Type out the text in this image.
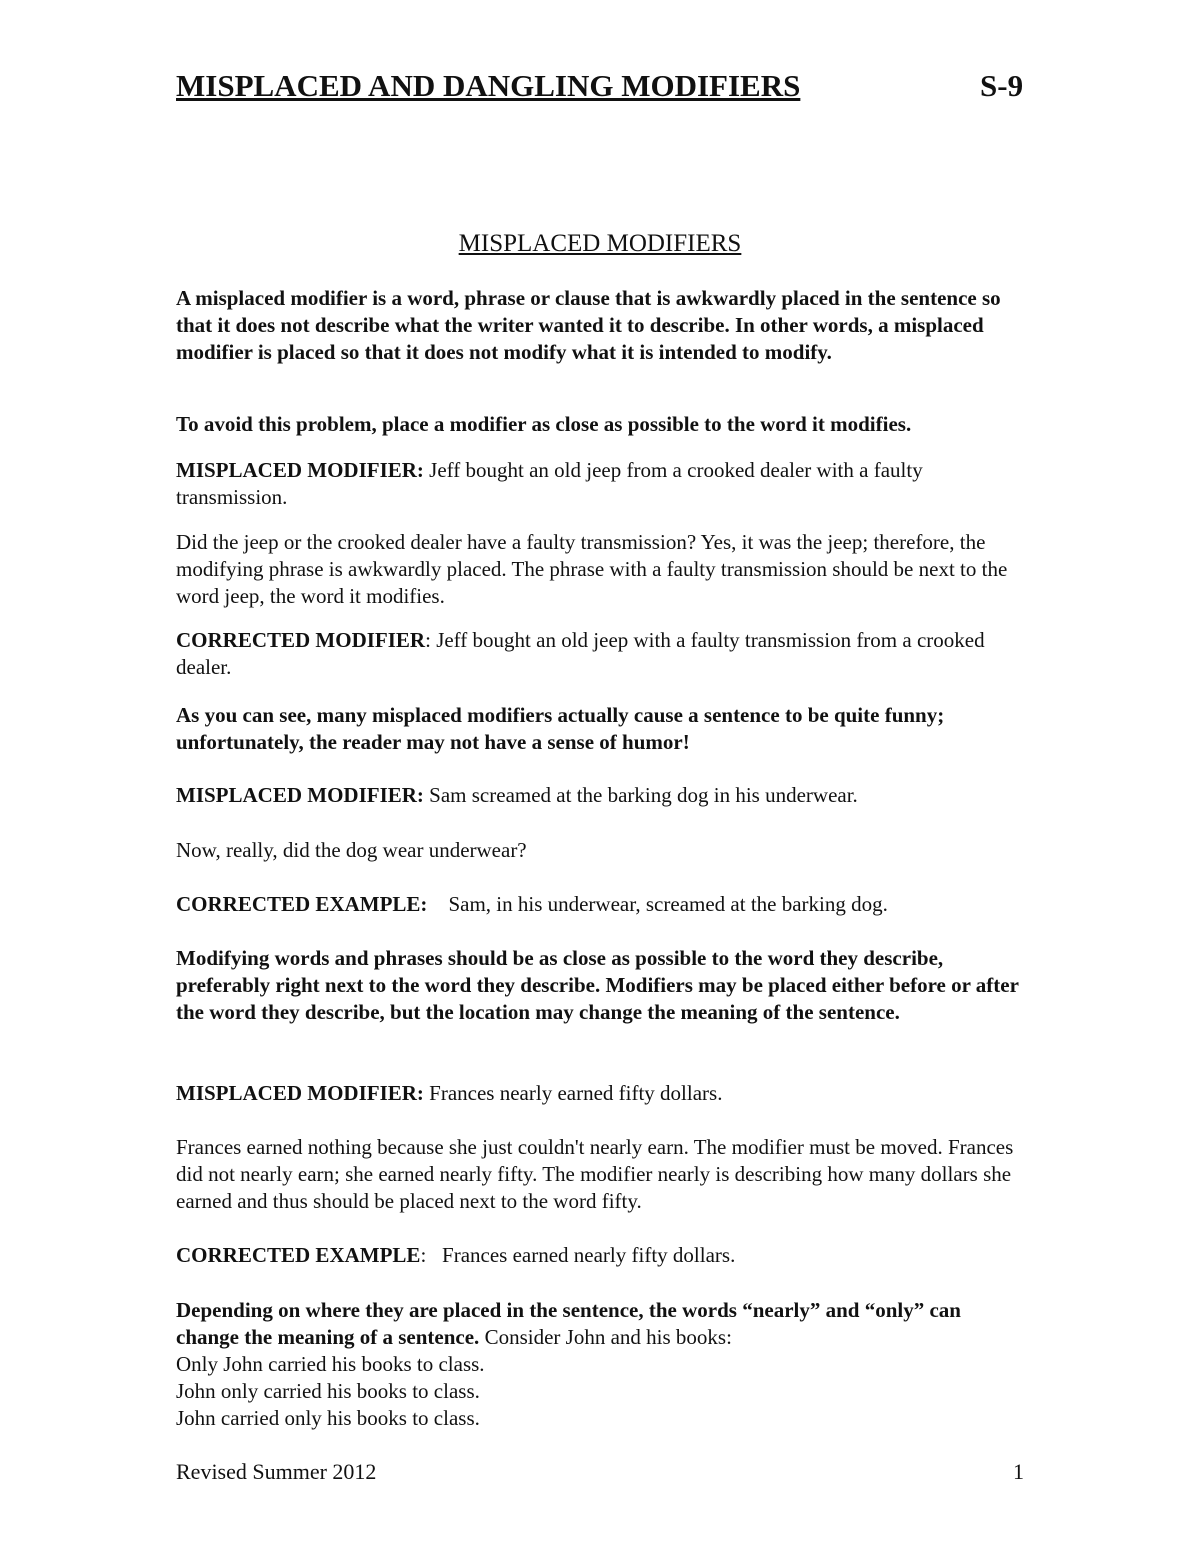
MISPLACED AND DANGLING MODIFIERS	S-9
MISPLACED MODIFIERS

A misplaced modifier is a word, phrase or clause that is awkwardly placed in the sentence so that it does not describe what the writer wanted it to describe. In other words, a misplaced modifier is placed so that it does not modify what it is intended to modify.

To avoid this problem, place a modifier as close as possible to the word it modifies.

MISPLACED MODIFIER: Jeff bought an old jeep from a crooked dealer with a faulty transmission.

Did the jeep or the crooked dealer have a faulty transmission? Yes, it was the jeep; therefore, the modifying phrase is awkwardly placed. The phrase with a faulty transmission should be next to the word jeep, the word it modifies.

CORRECTED MODIFIER: Jeff bought an old jeep with a faulty transmission from a crooked dealer.

As you can see, many misplaced modifiers actually cause a sentence to be quite funny; unfortunately, the reader may not have a sense of humor!

MISPLACED MODIFIER: Sam screamed at the barking dog in his underwear.

Now, really, did the dog wear underwear?

CORRECTED EXAMPLE:    Sam, in his underwear, screamed at the barking dog.

Modifying words and phrases should be as close as possible to the word they describe, preferably right next to the word they describe. Modifiers may be placed either before or after the word they describe, but the location may change the meaning of the sentence.

MISPLACED MODIFIER: Frances nearly earned fifty dollars.

Frances earned nothing because she just couldn't nearly earn. The modifier must be moved. Frances did not nearly earn; she earned nearly fifty. The modifier nearly is describing how many dollars she earned and thus should be placed next to the word fifty.

CORRECTED EXAMPLE:   Frances earned nearly fifty dollars.

Depending on where they are placed in the sentence, the words “nearly” and “only” can change the meaning of a sentence. Consider John and his books:
Only John carried his books to class.
John only carried his books to class.
John carried only his books to class.

Revised Summer 2012	1
